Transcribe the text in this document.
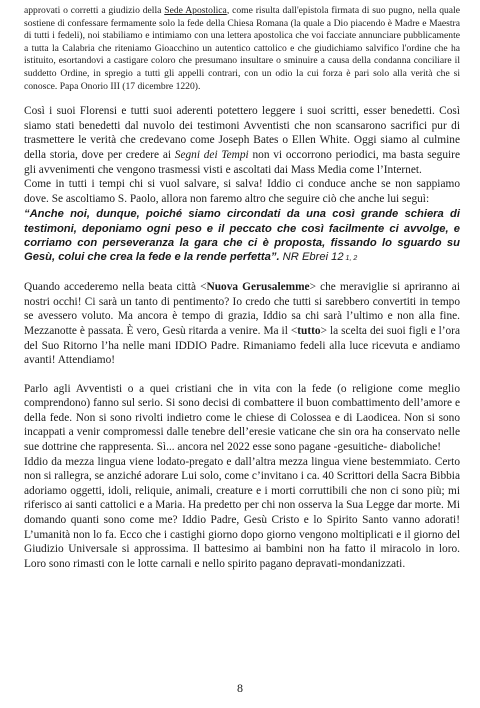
approvati o corretti a giudizio della Sede Apostolica, come risulta dall'epistola firmata di suo pugno, nella quale sostiene di confessare fermamente solo la fede della Chiesa Romana (la quale a Dio piacendo è Madre e Maestra di tutti i fedeli), noi stabiliamo e intimiamo con una lettera apostolica che voi facciate annunciare pubblicamente a tutta la Calabria che riteniamo Gioacchino un autentico cattolico e che giudichiamo salvifico l'ordine che ha istituito, esortandovi a castigare coloro che presumano insultare o sminuire a causa della condanna conciliare il suddetto Ordine, in spregio a tutti gli appelli contrari, con un odio la cui forza è pari solo alla verità che si conosce. Papa Onorio III (17 dicembre 1220).

Così i suoi Florensi e tutti suoi aderenti potettero leggere i suoi scritti, esser benedetti. Così siamo stati benedetti dal nuvolo dei testimoni Avventisti che non scansarono sacrifici pur di trasmettere le verità che credevano come Joseph Bates o Ellen White. Oggi siamo al culmine della storia, dove per credere ai Segni dei Tempi non vi occorrono periodici, ma basta seguire gli avvenimenti che vengono trasmessi visti e ascoltati dai Mass Media come l’Internet.
Come in tutti i tempi chi si vuol salvare, si salva! Iddio ci conduce anche se non sappiamo dove. Se ascoltiamo S. Paolo, allora non faremo altro che seguire ciò che anche lui seguì:

“Anche noi, dunque, poiché siamo circondati da una così grande schiera di testimoni, deponiamo ogni peso e il peccato che così facilmente ci avvolge, e corriamo con perseveranza la gara che ci è proposta, fissando lo sguardo su Gesù, colui che crea la fede e la rende perfetta”. NR Ebrei 12 1, 2

Quando accederemo nella beata città <Nuova Gerusalemme> che meraviglie si apriranno ai nostri occhi! Ci sarà un tanto di pentimento? Io credo che tutti si sarebbero convertiti in tempo se avessero voluto. Ma ancora è tempo di grazia, Iddio sa chi sarà l’ultimo e non alla fine. Mezzanotte è passata. È vero, Gesù ritarda a venire. Ma il <tutto> la scelta dei suoi figli e l’ora del Suo Ritorno l’ha nelle mani IDDIO Padre. Rimaniamo fedeli alla luce ricevuta e andiamo avanti! Attendiamo!

Parlo agli Avventisti o a quei cristiani che in vita con la fede (o religione come meglio comprendono) fanno sul serio. Si sono decisi di combattere il buon combattimento dell’amore e della fede. Non si sono rivolti indietro come le chiese di Colossea e di Laodicea. Non si sono incappati a venir compromessi dalle tenebre dell’eresie vaticane che sin ora ha conservato nelle sue dottrine che rappresenta. Sì... ancora nel 2022 esse sono pagane -gesuitiche- diaboliche!
Iddio da mezza lingua viene lodato-pregato e dall’altra mezza lingua viene bestemmiato. Certo non si rallegra, se anziché adorare Lui solo, come c’invitano i ca. 40 Scrittori della Sacra Bibbia adoriamo oggetti, idoli, reliquie, animali, creature e i morti corruttibili che non ci sono più; mi riferisco ai santi cattolici e a Maria. Ha predetto per chi non osserva la Sua Legge dar morte. Mi domando quanti sono come me? Iddio Padre, Gesù Cristo e lo Spirito Santo vanno adorati! L’umanità non lo fa. Ecco che i castighi giorno dopo giorno vengono moltiplicati e il giorno del Giudizio Universale si approssima. Il battesimo ai bambini non ha fatto il miracolo in loro. Loro sono rimasti con le lotte carnali e nello spirito pagano depravati-mondanizzati.

8
